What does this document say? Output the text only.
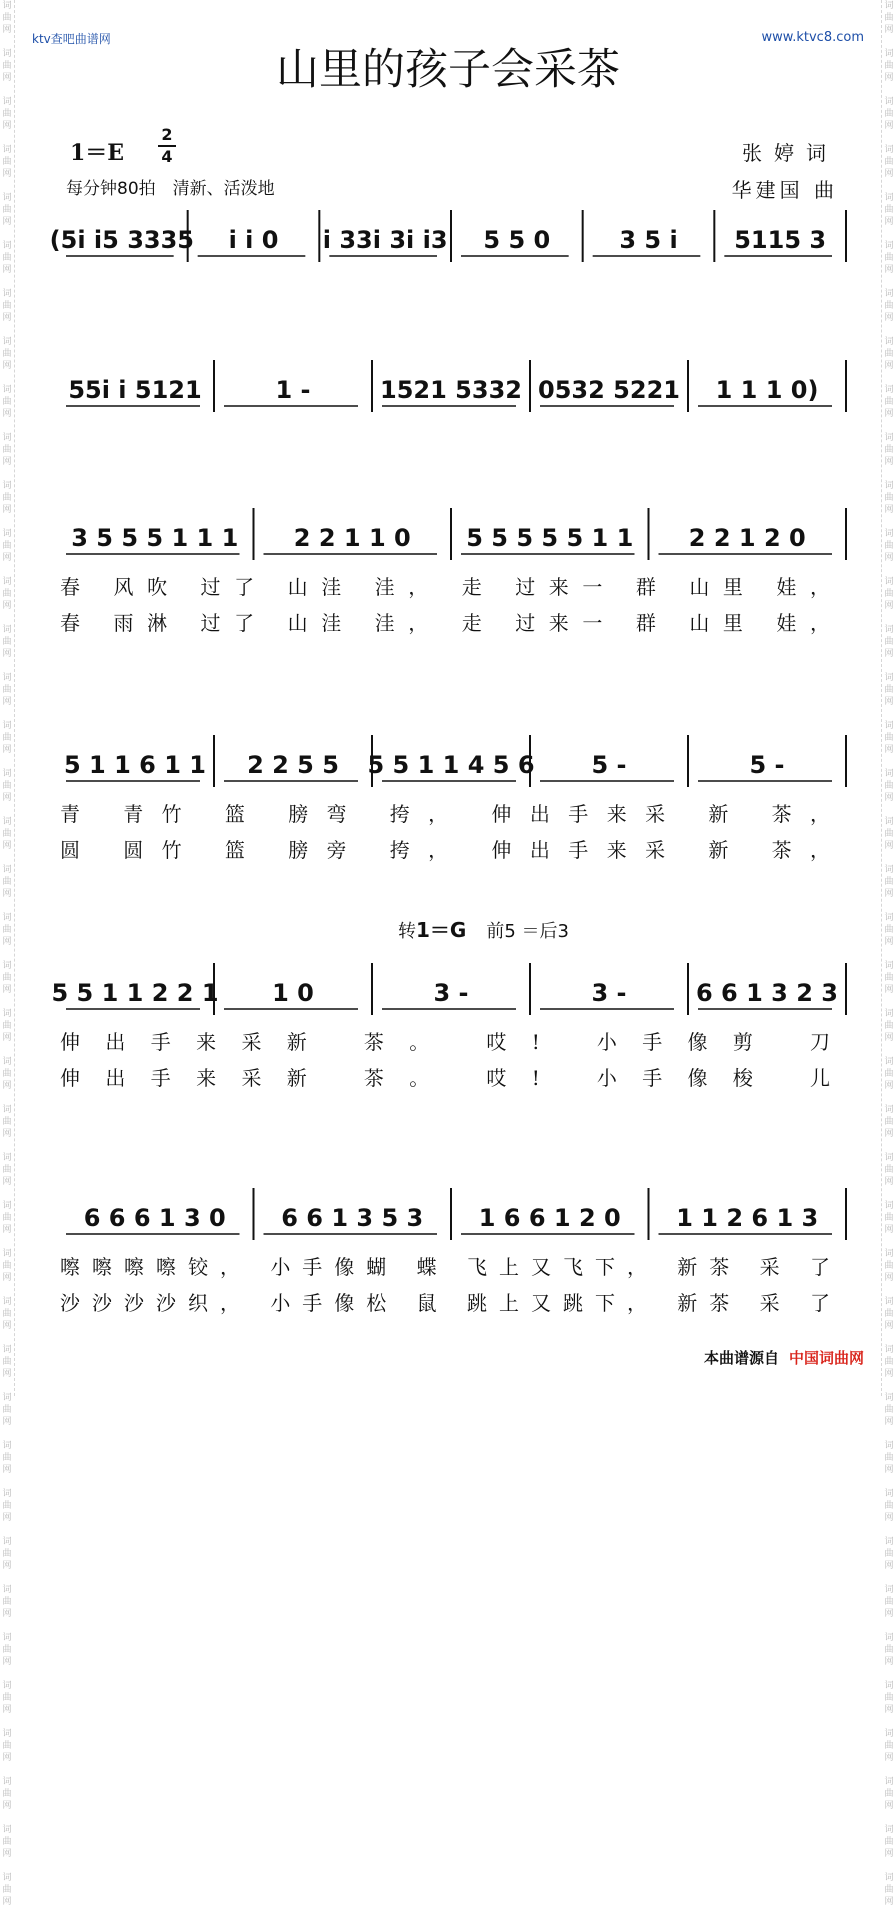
词
曲
网

词
曲
网

词
曲
网

词
曲
网

词
曲
网

词
曲
网

词
曲
网

词
曲
网

词
曲
网

词
曲
网

词
曲
网

词
曲
网

词
曲
网

词
曲
网

词
曲
网

词
曲
网

词
曲
网

词
曲
网

词
曲
网

词
曲
网

词
曲
网

词
曲
网

词
曲
网

词
曲
网

词
曲
网

词
曲
网

词
曲
网

词
曲
网

词
曲
网

词
曲
网

词
曲
网

词
曲
网

词
曲
网

词
曲
网

词
曲
网

词
曲
网

词
曲
网

词
曲
网

词
曲
网

词
曲
网

词
曲
网

词
曲
网

词
曲
网

词
曲
网

词
曲
网

词
曲
网

词
曲
网

词
曲
网

词
曲
网

词
曲
网

词
曲
网

词
曲
网

词
曲
网

词
曲
网

词
曲
网

词
曲
网

词
曲
网

词
曲
网

词
曲
网

词
曲
网

词
曲
网

词
曲
网

词
曲
网

词
曲
网

词
曲
网

词
曲
网

词
曲
网

词
曲
网

词
曲
网

词
曲
网

词
曲
网

词
曲
网

词
曲
网

词
曲
网

词
曲
网

词
曲
网

词
曲
网

词
曲
网

词
曲
网

词
曲
网

ktv查吧曲谱网	www.ktvc8.com
山里的孩子会采茶
1＝E
2
4
每分钟80拍　清新、活泼地
张婷词
华建国 曲
转1＝G 前5 ＝后3
(5i i5 3335 i i 0 i 33i 3i i3 5 5 0	3 5 i 5115 3
55i i 5121	1 -	1521 5332 0532 5221 1 1 1 0)
3 5 5 5 1 1 1 2 2 1 1 0 5 5 5 5 5 1 1 2 2 1 2 0
春 风吹 过了 山洼 洼， 走 过来一 群 山里 娃，
春 雨淋 过了 山洼 洼， 走 过来一 群 山里 娃，
5 1 1 6 1 1 2 2 5 5 5 5 1 1 4 5 6 5 -	5 -
青 青竹 篮 膀弯 挎， 伸出手来采 新 茶，
圆 圆竹 篮 膀旁 挎， 伸出手来采 新 茶，
5 5 1 1 2 2 1 1 0	3 -	3 -	6 6 1 3 2 3
伸出手来采新 茶。 哎! 小手像剪 刀
伸出手来采新 茶。 哎! 小手像梭 儿
6 6 6 1 3 0 6 6 1 3 5 3 1 6 6 1 2 0 1 1 2 6 1 3
嚓嚓嚓嚓铰， 小手像蝴 蝶 飞上又飞下， 新茶 采 了
沙沙沙沙织， 小手像松 鼠 跳上又跳下， 新茶 采 了
本曲谱源自 中国词曲网
